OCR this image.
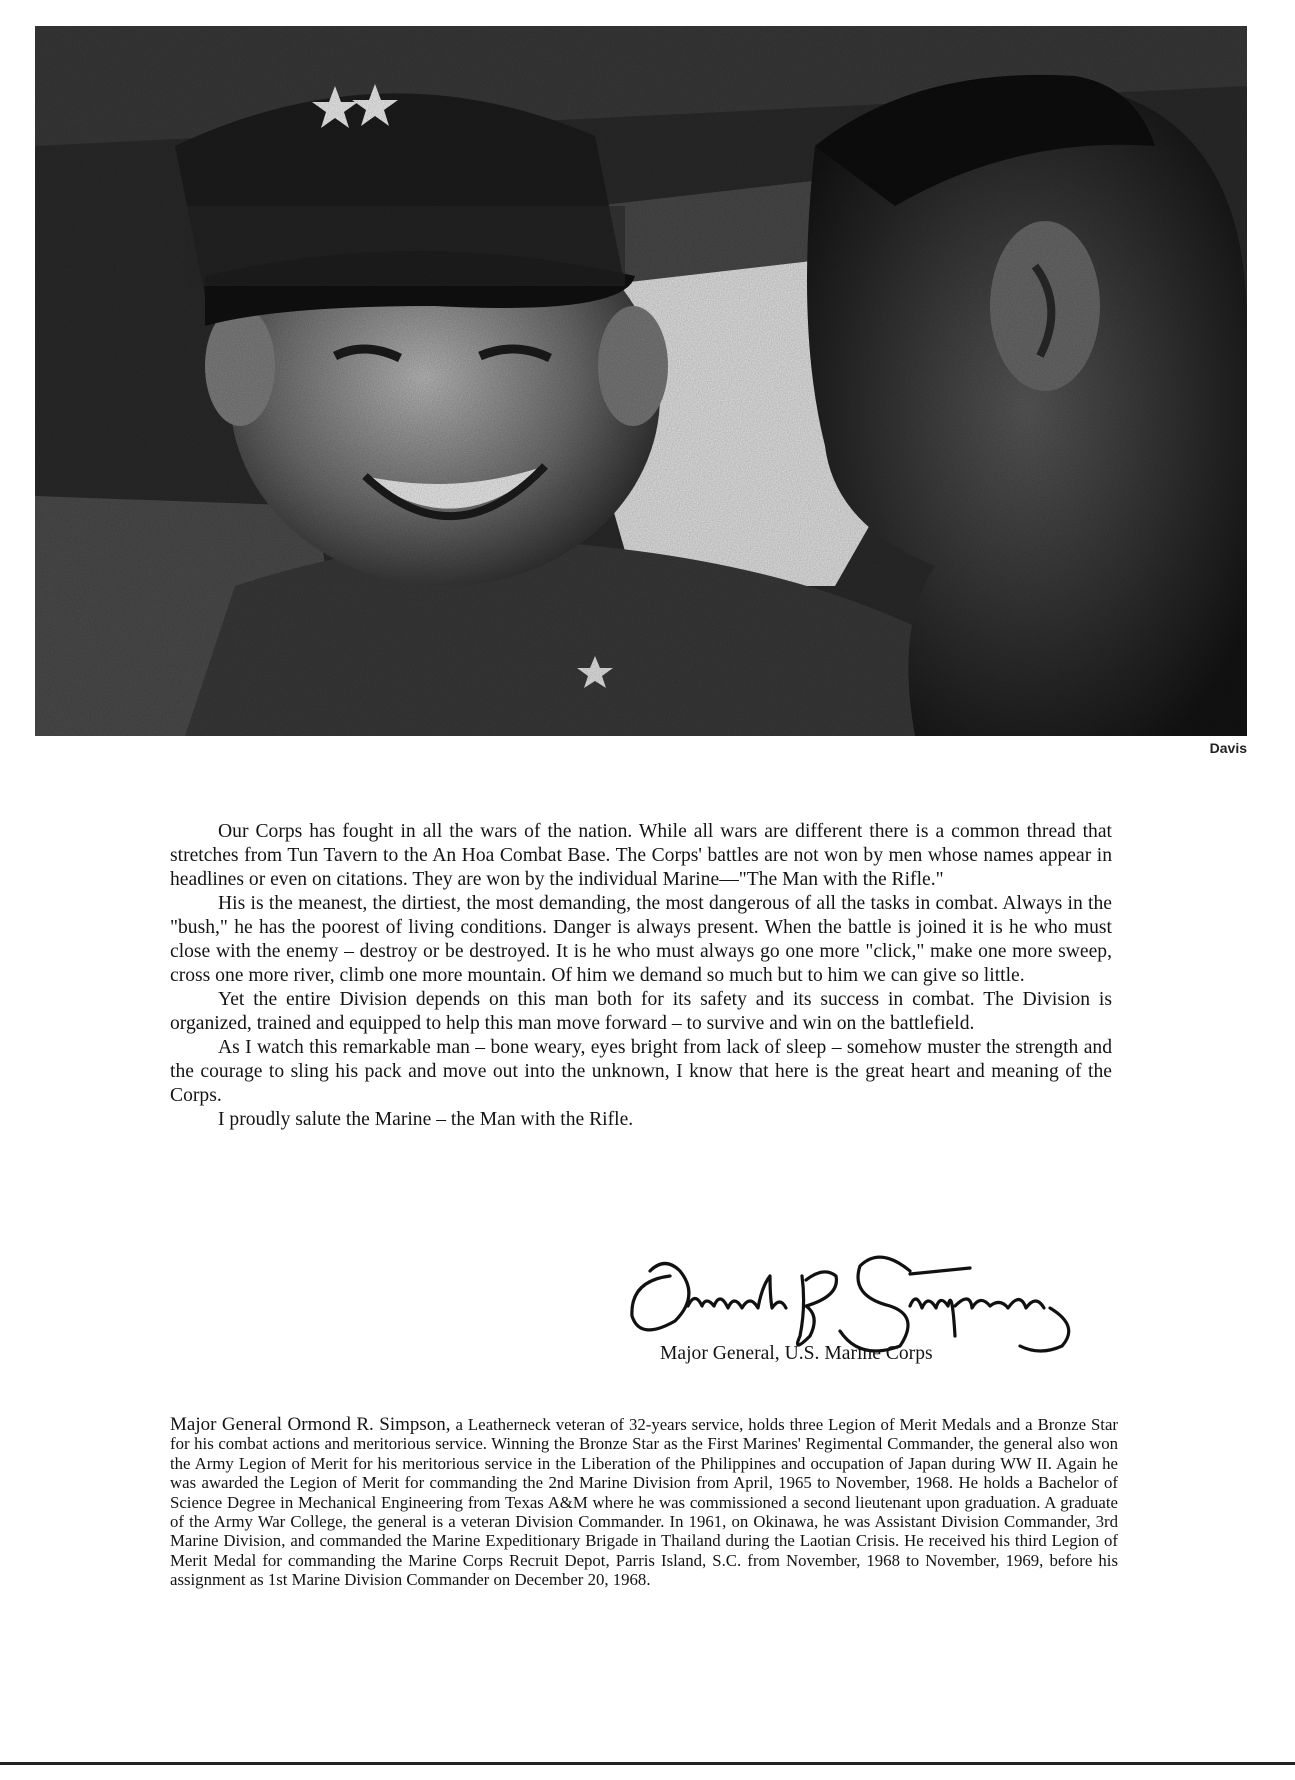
Davis

Our Corps has fought in all the wars of the nation. While all wars are different there is a common thread that stretches from Tun Tavern to the An Hoa Combat Base. The Corps' battles are not won by men whose names appear in headlines or even on citations. They are won by the individual Marine—"The Man with the Rifle."

His is the meanest, the dirtiest, the most demanding, the most dangerous of all the tasks in combat. Always in the "bush," he has the poorest of living conditions. Danger is always present. When the battle is joined it is he who must close with the enemy – destroy or be destroyed. It is he who must always go one more "click," make one more sweep, cross one more river, climb one more mountain. Of him we demand so much but to him we can give so little.

Yet the entire Division depends on this man both for its safety and its success in combat. The Division is organized, trained and equipped to help this man move forward – to survive and win on the battlefield.

As I watch this remarkable man – bone weary, eyes bright from lack of sleep – somehow muster the strength and the courage to sling his pack and move out into the unknown, I know that here is the great heart and meaning of the Corps.

I proudly salute the Marine – the Man with the Rifle.

Major General, U.S. Marine Corps
Major General Ormond R. Simpson, a Leatherneck veteran of 32-years service, holds three Legion of Merit Medals and a Bronze Star for his combat actions and meritorious service. Winning the Bronze Star as the First Marines' Regimental Commander, the general also won the Army Legion of Merit for his meritorious service in the Liberation of the Philippines and occupation of Japan during WW II. Again he was awarded the Legion of Merit for commanding the 2nd Marine Division from April, 1965 to November, 1968. He holds a Bachelor of Science Degree in Mechanical Engineering from Texas A&M where he was commissioned a second lieutenant upon graduation. A graduate of the Army War College, the general is a veteran Division Commander. In 1961, on Okinawa, he was Assistant Division Commander, 3rd Marine Division, and commanded the Marine Expeditionary Brigade in Thailand during the Laotian Crisis. He received his third Legion of Merit Medal for commanding the Marine Corps Recruit Depot, Parris Island, S.C. from November, 1968 to November, 1969, before his assignment as 1st Marine Division Commander on December 20, 1968.
